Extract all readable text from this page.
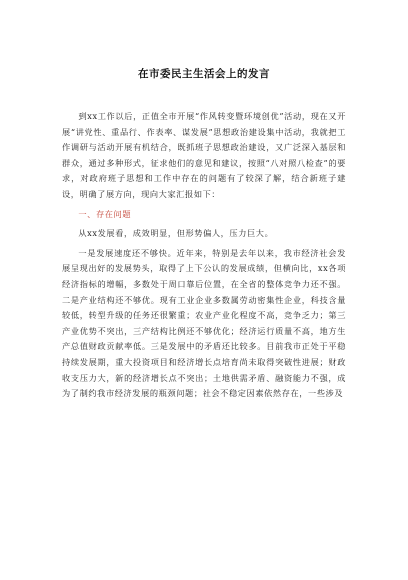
在市委民主生活会上的发言

到xx工作以后，正值全市开展“作风转变暨环境创优”活动，现在又开展“讲党性、重品行、作表率、谋发展”思想政治建设集中活动，我就把工作调研与活动开展有机结合，既抓班子思想政治建设，又广泛深入基层和群众，通过多种形式，征求他们的意见和建议，按照“八对照八检查”的要求，对政府班子思想和工作中存在的问题有了较深了解，结合新班子建设，明确了展方向，现向大家汇报如下：

一、存在问题

从xx发展看，成效明显，但形势偏人，压力巨大。

一是发展速度还不够快。近年来，特别是去年以来，我市经济社会发展呈现出好的发展势头，取得了上下公认的发展成绩，但横向比，xx各项经济指标的增幅，多数处于周口靠后位置，在全省的整体竞争力还不强。二是产业结构还不够优。现有工业企业多数属劳动密集性企业，科技含量较低，转型升级的任务还很繁重；农业产业化程度不高，竞争乏力；第三产业优势不突出，三产结构比例还不够优化；经济运行质量不高，地方生产总值财政贡献率低。三是发展中的矛盾还比较多。目前我市正处于平稳持续发展期，重大投资项目和经济增长点培育尚未取得突破性进展；财政收支压力大，新的经济增长点不突出；土地供需矛盾、融资能力不强，成为了制约我市经济发展的瓶颈问题；社会不稳定因素依然存在，一些涉及
